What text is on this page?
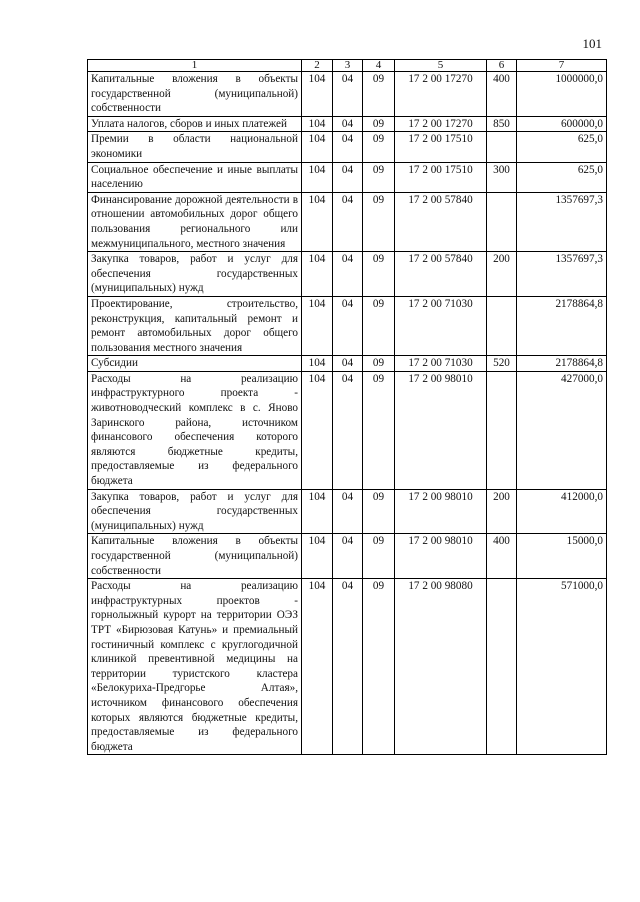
101
1	2	3	4	5	6	7
Капитальные вложения в объекты государственной (муниципальной) собственности	104	04	09	17 2 00 17270	400	1000000,0
Уплата налогов, сборов и иных платежей	104	04	09	17 2 00 17270	850	600000,0
Премии в области национальной экономики	104	04	09	17 2 00 17510		625,0
Социальное обеспечение и иные выплаты населению	104	04	09	17 2 00 17510	300	625,0
Финансирование дорожной деятельности в отношении автомобильных дорог общего пользования регионального или межмуниципального, местного значения	104	04	09	17 2 00 57840		1357697,3
Закупка товаров, работ и услуг для обеспечения государственных (муниципальных) нужд	104	04	09	17 2 00 57840	200	1357697,3
Проектирование, строительство, реконструкция, капитальный ремонт и ремонт автомобильных дорог общего пользования местного значения	104	04	09	17 2 00 71030		2178864,8
Субсидии	104	04	09	17 2 00 71030	520	2178864,8
Расходы на реализацию инфраструктурного проекта - животноводческий комплекс в с. Яново Заринского района, источником финансового обеспечения которого являются бюджетные кредиты, предоставляемые из федерального бюджета	104	04	09	17 2 00 98010		427000,0
Закупка товаров, работ и услуг для обеспечения государственных (муниципальных) нужд	104	04	09	17 2 00 98010	200	412000,0
Капитальные вложения в объекты государственной (муниципальной) собственности	104	04	09	17 2 00 98010	400	15000,0
Расходы на реализацию инфраструктурных проектов - горнолыжный курорт на территории ОЭЗ ТРТ «Бирюзовая Катунь» и премиальный гостиничный комплекс с круглогодичной клиникой превентивной медицины на территории туристского кластера «Белокуриха-Предгорье Алтая», источником финансового обеспечения которых являются бюджетные кредиты, предоставляемые из федерального бюджета	104	04	09	17 2 00 98080		571000,0
